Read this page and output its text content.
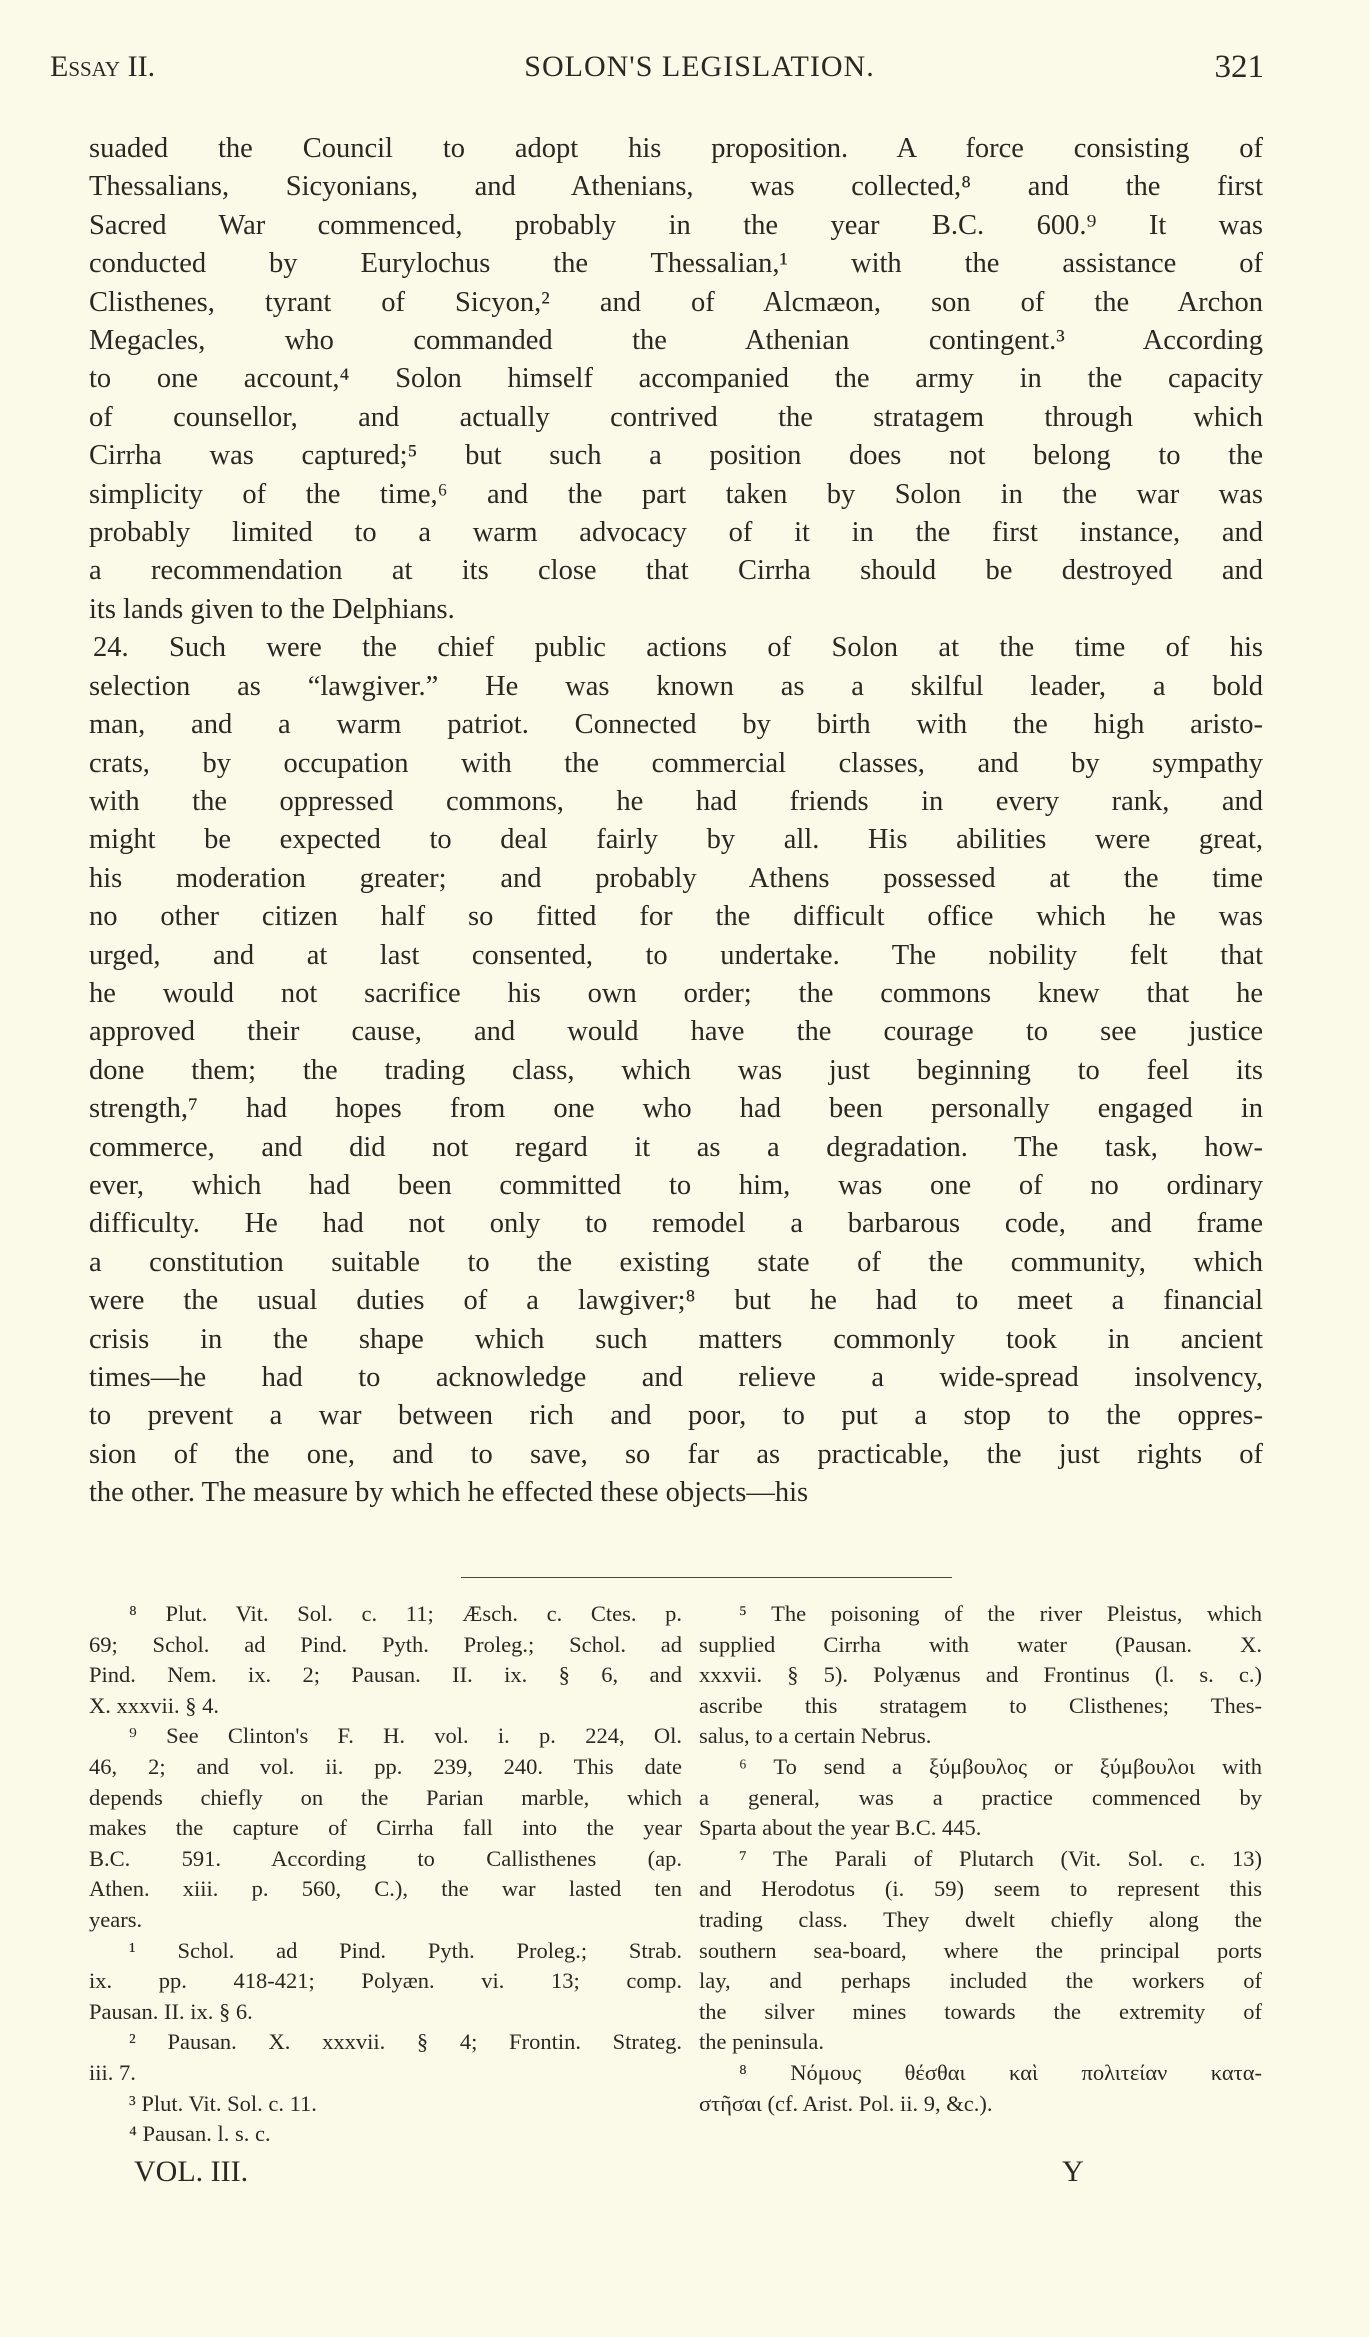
Essay II.	SOLON'S LEGISLATION.	321
suaded the Council to adopt his proposition. A force consisting of
Thessalians, Sicyonians, and Athenians, was collected,⁸ and the first
Sacred War commenced, probably in the year B.C. 600.⁹ It was
conducted by Eurylochus the Thessalian,¹ with the assistance of
Clisthenes, tyrant of Sicyon,² and of Alcmæon, son of the Archon
Megacles, who commanded the Athenian contingent.³ According
to one account,⁴ Solon himself accompanied the army in the capacity
of counsellor, and actually contrived the stratagem through which
Cirrha was captured;⁵ but such a position does not belong to the
simplicity of the time,⁶ and the part taken by Solon in the war was
probably limited to a warm advocacy of it in the first instance, and
a recommendation at its close that Cirrha should be destroyed and
its lands given to the Delphians.
24. Such were the chief public actions of Solon at the time of his
selection as “lawgiver.” He was known as a skilful leader, a bold
man, and a warm patriot. Connected by birth with the high aristo-
crats, by occupation with the commercial classes, and by sympathy
with the oppressed commons, he had friends in every rank, and
might be expected to deal fairly by all. His abilities were great,
his moderation greater; and probably Athens possessed at the time
no other citizen half so fitted for the difficult office which he was
urged, and at last consented, to undertake. The nobility felt that
he would not sacrifice his own order; the commons knew that he
approved their cause, and would have the courage to see justice
done them; the trading class, which was just beginning to feel its
strength,⁷ had hopes from one who had been personally engaged in
commerce, and did not regard it as a degradation. The task, how-
ever, which had been committed to him, was one of no ordinary
difficulty. He had not only to remodel a barbarous code, and frame
a constitution suitable to the existing state of the community, which
were the usual duties of a lawgiver;⁸ but he had to meet a financial
crisis in the shape which such matters commonly took in ancient
times—he had to acknowledge and relieve a wide-spread insolvency,
to prevent a war between rich and poor, to put a stop to the oppres-
sion of the one, and to save, so far as practicable, the just rights of
the other. The measure by which he effected these objects—his
⁸ Plut. Vit. Sol. c. 11; Æsch. c. Ctes. p.
69; Schol. ad Pind. Pyth. Proleg.; Schol. ad
Pind. Nem. ix. 2; Pausan. II. ix. § 6, and
X. xxxvii. § 4.
⁹ See Clinton's F. H. vol. i. p. 224, Ol.
46, 2; and vol. ii. pp. 239, 240. This date
depends chiefly on the Parian marble, which
makes the capture of Cirrha fall into the year
B.C. 591. According to Callisthenes (ap.
Athen. xiii. p. 560, C.), the war lasted ten
years.
¹ Schol. ad Pind. Pyth. Proleg.; Strab.
ix. pp. 418-421; Polyæn. vi. 13; comp.
Pausan. II. ix. § 6.
² Pausan. X. xxxvii. § 4; Frontin. Strateg.
iii. 7.
³ Plut. Vit. Sol. c. 11.
⁴ Pausan. l. s. c.
⁵ The poisoning of the river Pleistus, which
supplied Cirrha with water (Pausan. X.
xxxvii. § 5). Polyænus and Frontinus (l. s. c.)
ascribe this stratagem to Clisthenes; Thes-
salus, to a certain Nebrus.
⁶ To send a ξύμβουλος or ξύμβουλοι with
a general, was a practice commenced by
Sparta about the year B.C. 445.
⁷ The Parali of Plutarch (Vit. Sol. c. 13)
and Herodotus (i. 59) seem to represent this
trading class. They dwelt chiefly along the
southern sea-board, where the principal ports
lay, and perhaps included the workers of
the silver mines towards the extremity of
the peninsula.
⁸ Νόμους θέσθαι καὶ πολιτείαν κατα-
στῆσαι (cf. Arist. Pol. ii. 9, &c.).
VOL. III.	Y
